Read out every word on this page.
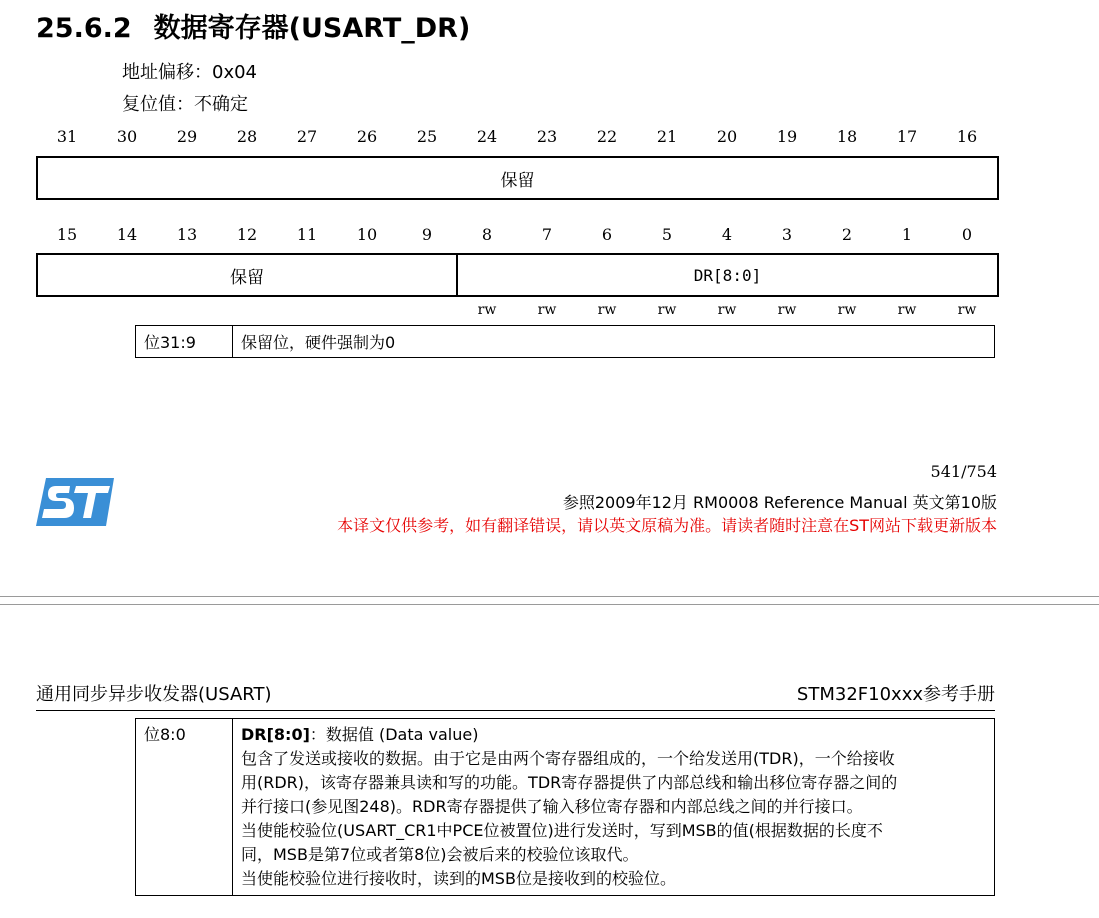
25.6.2 数据寄存器(USART_DR)
地址偏移：0x04
复位值：不确定
31	30	29	28	27	26	25	24	23	22	21	20	19	18	17	16
保留
15	14	13	12	11	10	9	8	7	6	5	4	3	2	1	0
保留	DR[8:0]
rw	rw	rw	rw	rw	rw	rw	rw	rw
位31:9	保留位，硬件强制为0
541/754
参照2009年12月 RM0008 Reference Manual 英文第10版
本译文仅供参考，如有翻译错误，请以英文原稿为准。请读者随时注意在ST网站下载更新版本
通用同步异步收发器(USART)	STM32F10xxx参考手册
位8:0	DR[8:0]：数据值 (Data value)

包含了发送或接收的数据。由于它是由两个寄存器组成的，一个给发送用(TDR)，一个给接收
用(RDR)，该寄存器兼具读和写的功能。TDR寄存器提供了内部总线和输出移位寄存器之间的
并行接口(参见图248)。RDR寄存器提供了输入移位寄存器和内部总线之间的并行接口。
当使能校验位(USART_CR1中PCE位被置位)进行发送时，写到MSB的值(根据数据的长度不
同，MSB是第7位或者第8位)会被后来的校验位该取代。
当使能校验位进行接收时，读到的MSB位是接收到的校验位。
